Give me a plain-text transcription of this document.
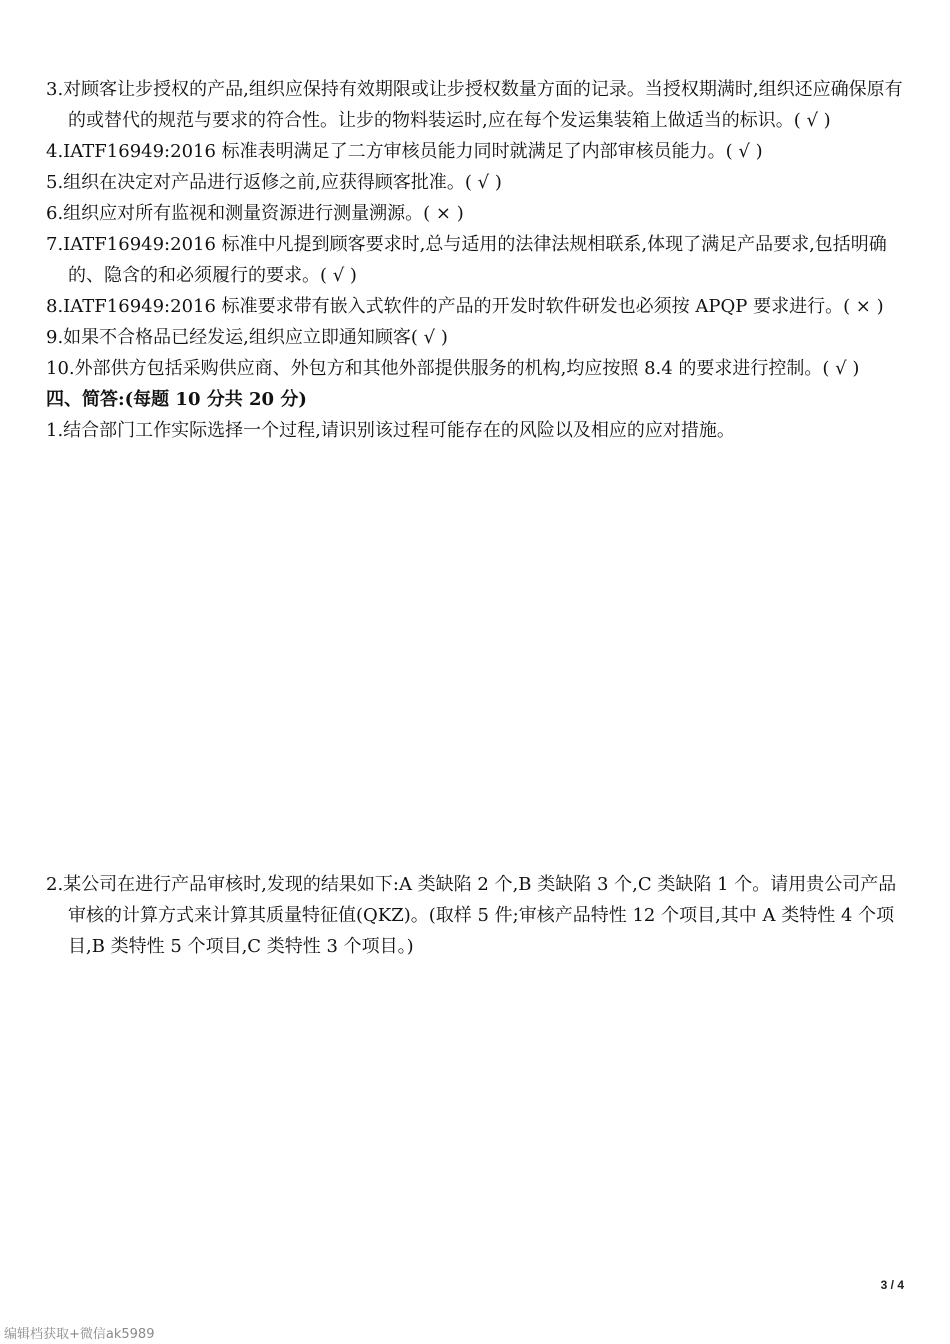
3.对顾客让步授权的产品,组织应保持有效期限或让步授权数量方面的记录。当授权期满时,组织还应确保原有的或替代的规范与要求的符合性。让步的物料装运时,应在每个发运集装箱上做适当的标识。( √ )

4.IATF16949:2016 标准表明满足了二方审核员能力同时就满足了内部审核员能力。( √ )

5.组织在决定对产品进行返修之前,应获得顾客批准。( √ )

6.组织应对所有监视和测量资源进行测量溯源。( × )

7.IATF16949:2016 标准中凡提到顾客要求时,总与适用的法律法规相联系,体现了满足产品要求,包括明确的、隐含的和必须履行的要求。( √ )

8.IATF16949:2016 标准要求带有嵌入式软件的产品的开发时软件研发也必须按 APQP 要求进行。( × )

9.如果不合格品已经发运,组织应立即通知顾客( √ )

10.外部供方包括采购供应商、外包方和其他外部提供服务的机构,均应按照 8.4 的要求进行控制。( √ )

四、简答:(每题 10 分共 20 分)

1.结合部门工作实际选择一个过程,请识别该过程可能存在的风险以及相应的应对措施。

2.某公司在进行产品审核时,发现的结果如下:A 类缺陷 2 个,B 类缺陷 3 个,C 类缺陷 1 个。请用贵公司产品审核的计算方式来计算其质量特征值(QKZ)。(取样 5 件;审核产品特性 12 个项目,其中 A 类特性 4 个项目,B 类特性 5 个项目,C 类特性 3 个项目。)

3 / 4
编辑档获取+微信ak5989
